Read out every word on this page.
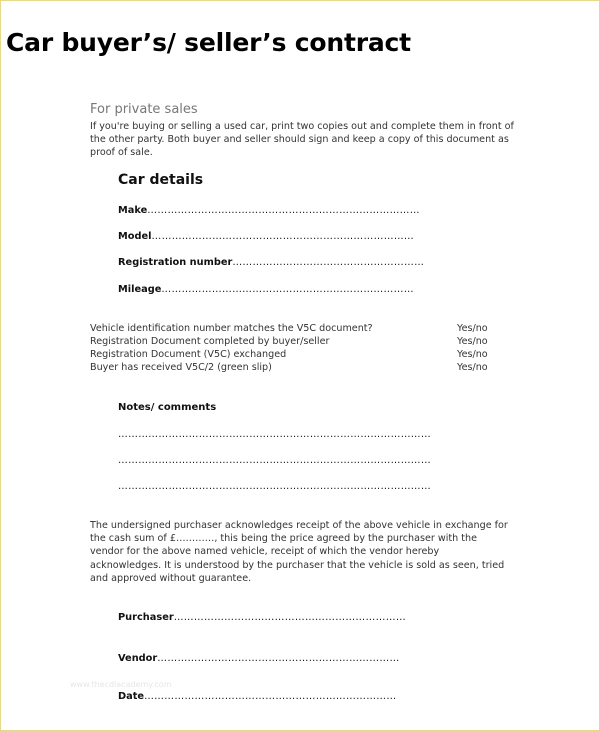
Car buyer’s/ seller’s contract
For private sales
If you're buying or selling a used car, print two copies out and complete them in front of the other party. Both buyer and seller should sign and keep a copy of this document as proof of sale.
Car details
Make………………………………………………………………………
Model……………………………………………………………………
Registration number…………………………………………………
Mileage…………………………………………………………………
Vehicle identification number matches the V5C document?	Yes/no
Registration Document completed by buyer/seller	Yes/no
Registration Document (V5C) exchanged	Yes/no
Buyer has received V5C/2 (green slip)	Yes/no
Notes/ comments
…………………………………………………………………………………
…………………………………………………………………………………
…………………………………………………………………………………
The undersigned purchaser acknowledges receipt of the above vehicle in exchange for the cash sum of £…………, this being the price agreed by the purchaser with the vendor for the above named vehicle, receipt of which the vendor hereby acknowledges. It is understood by the purchaser that the vehicle is sold as seen, tried and approved without guarantee.
Purchaser……………………………………………………………
Vendor………………………………………………………………
Date…………………………………………………………………
www.thecdlacademy.com
